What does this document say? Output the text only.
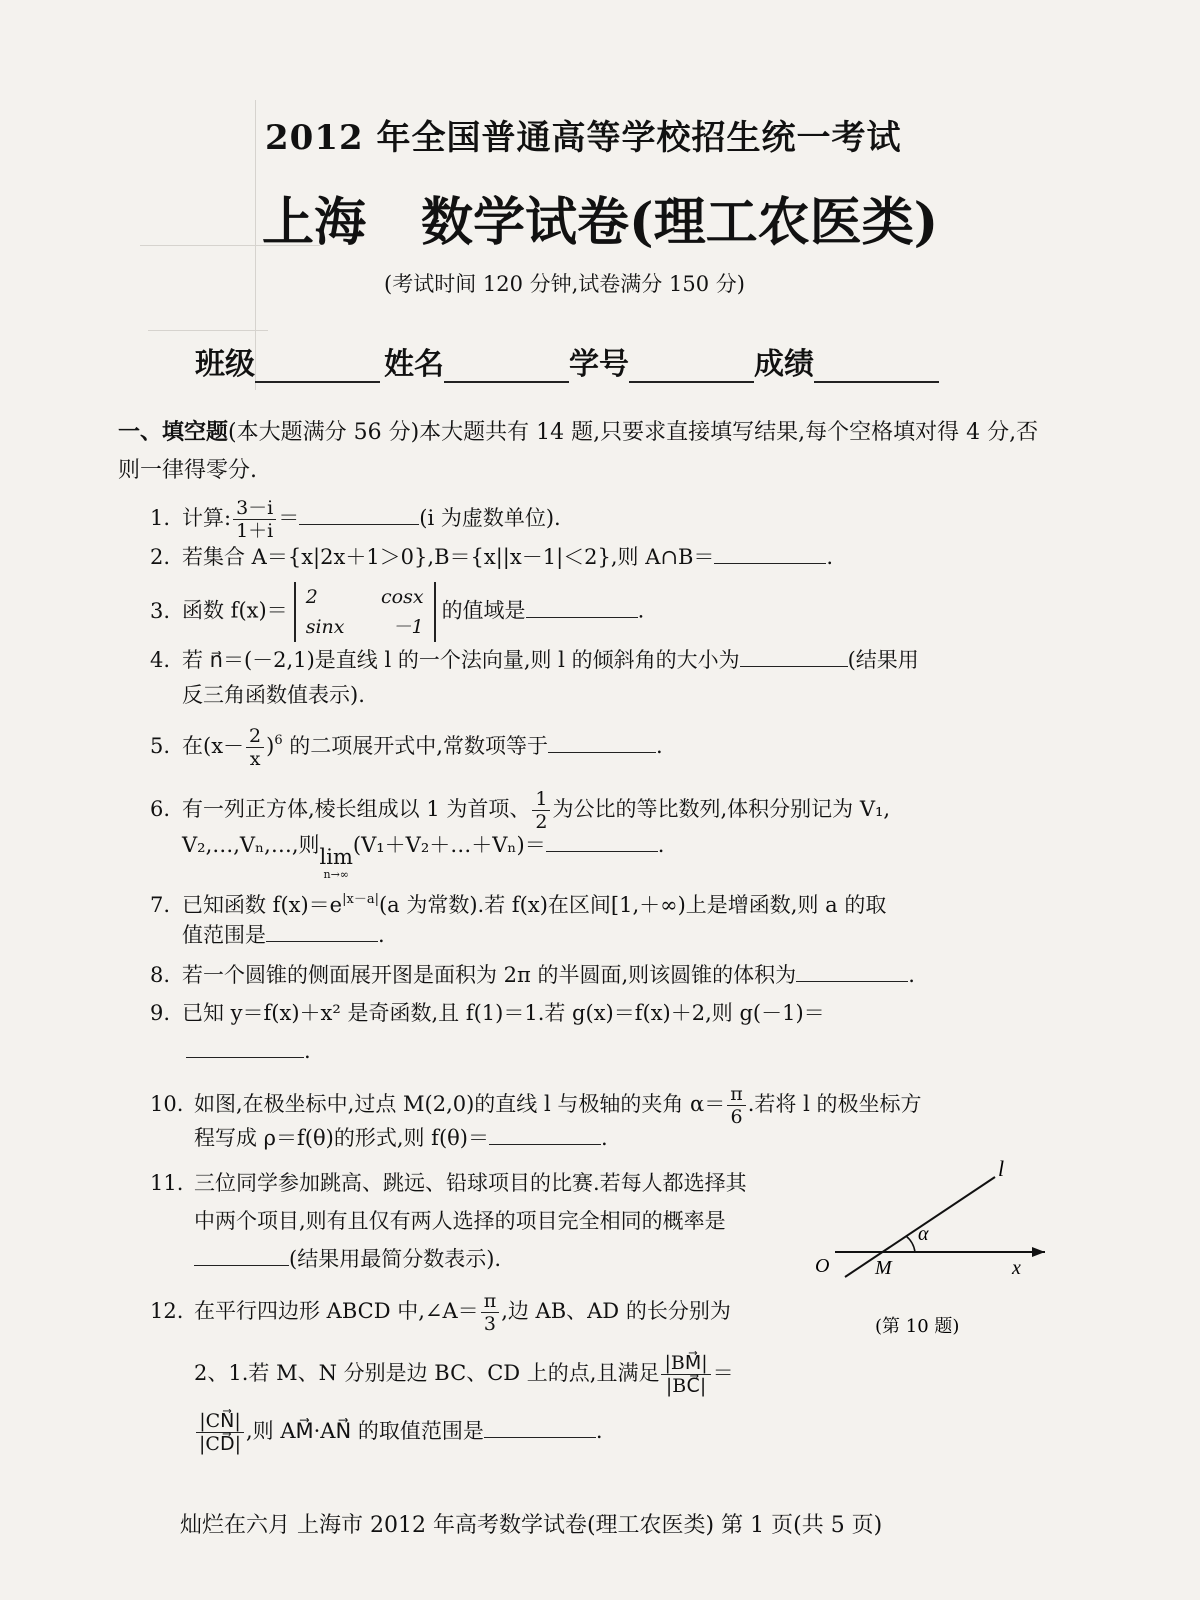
2012 年全国普通高等学校招生统一考试
上海 数学试卷(理工农医类)
(考试时间 120 分钟,试卷满分 150 分)
班级	姓名	学号	成绩
一、填空题(本大题满分 56 分)本大题共有 14 题,只要求直接填写结果,每个空格填对得 4 分,否则一律得零分.
1. 计算: $\frac{3-i}{1+i}$ ＝	(i 为虚数单位).
2. 若集合 A＝{x|2x＋1＞0},B＝{x||x－1|＜2},则 A∩B＝	.
3. 函数 f(x)＝
2	cosx
sinx	－1
的值域是	.
4. 若 n⃗＝(－2,1)是直线 l 的一个法向量,则 l 的倾斜角的大小为	(结果用
反三角函数值表示).
5. 在$(x- \frac{2}{x} )^6$ 的二项展开式中,常数项等于	.
6. 有一列正方体,棱长组成以 1 为首项、 $\frac{1}{2}$ 为公比的等比数列,体积分别记为 V₁,
V₂,…,Vₙ,…,则 lim
n→∞
(V₁＋V₂＋…＋Vₙ)＝	.
7. 已知函数 $f(x)=e^{|x-a|}(a$ 为常数).若 f(x)在区间[1,＋∞)上是增函数,则 a 的取
值范围是	.
8. 若一个圆锥的侧面展开图是面积为 2π 的半圆面,则该圆锥的体积为	.
9. 已知 y＝f(x)＋x² 是奇函数,且 f(1)＝1.若 g(x)＝f(x)＋2,则 g(－1)＝
.
10. 如图,在极坐标中,过点 M(2,0)的直线 l 与极轴的夹角 $\alpha= \frac{\pi}{6}$ .若将 l 的极坐标方
程写成 ρ＝f(θ)的形式,则 f(θ)＝	.
11. 三位同学参加跳高、跳远、铅球项目的比赛.若每人都选择其
中两个项目,则有且仅有两人选择的项目完全相同的概率是
(结果用最简分数表示).
12. 在平行四边形 ABCD 中,∠A＝ $\frac{\pi}{3}$ ,边 AB、AD 的长分别为
2、1.若 M、N 分别是边 BC、CD 上的点,且满足 $\frac{|BM⃗|}{|BC⃗|}$ ＝
$\frac{|CN⃗|}{|CD⃗|}$ ,则 AM⃗·AN⃗ 的取值范围是	.
l
α
O M	x
(第 10 题)
灿烂在六月 上海市 2012 年高考数学试卷(理工农医类) 第 1 页(共 5 页)
